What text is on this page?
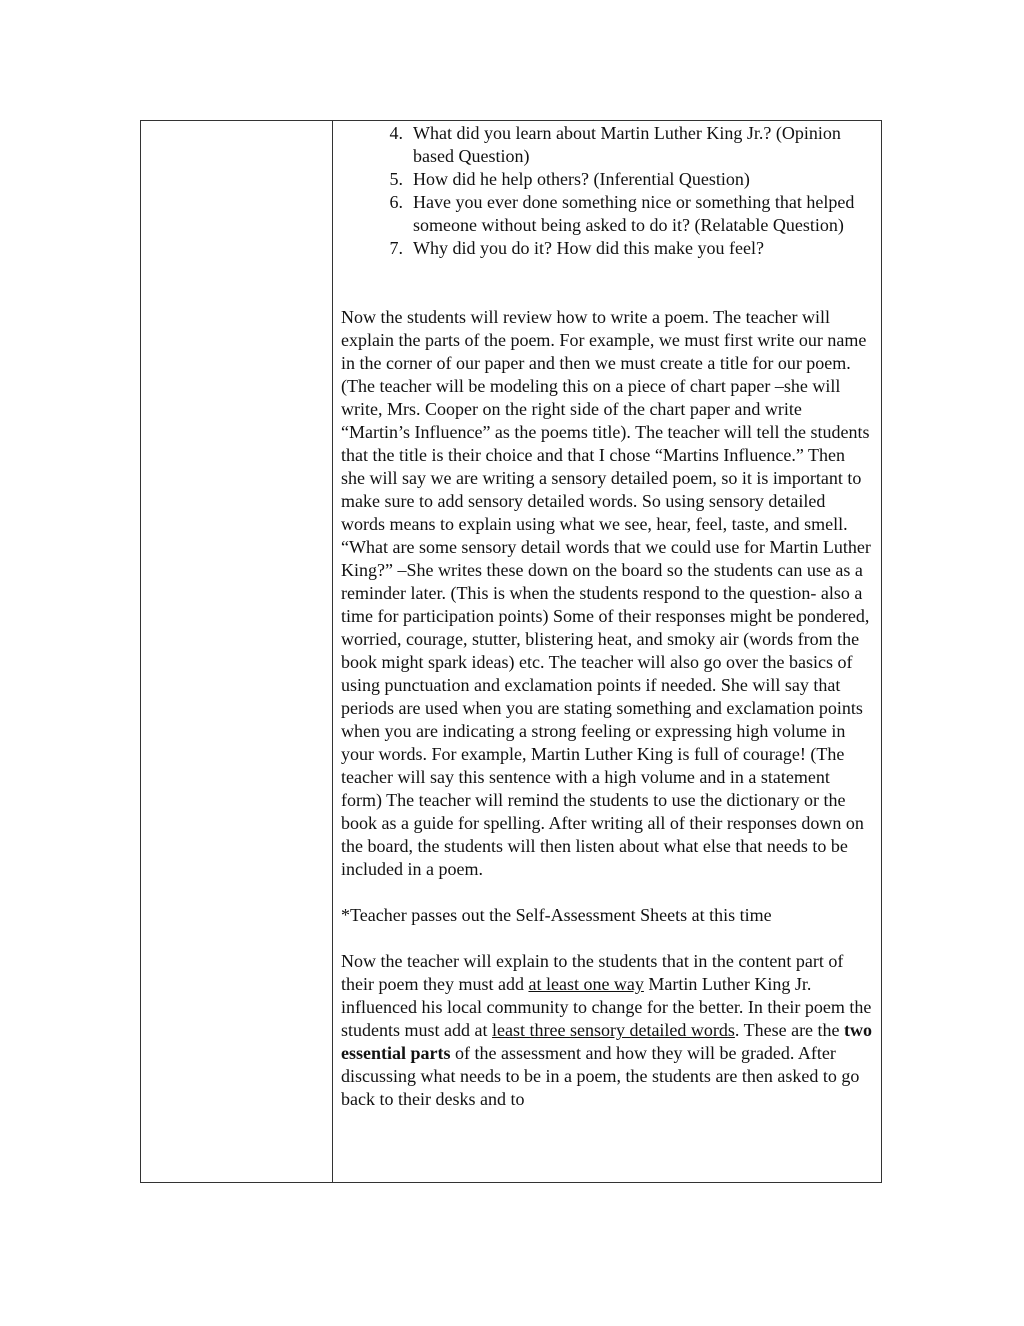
4. What did you learn about Martin Luther King Jr.? (Opinion based Question)
5. How did he help others? (Inferential Question)
6. Have you ever done something nice or something that helped someone without being asked to do it? (Relatable Question)
7. Why did you do it? How did this make you feel?

Now the students will review how to write a poem. The teacher will explain the parts of the poem. For example, we must first write our name in the corner of our paper and then we must create a title for our poem. (The teacher will be modeling this on a piece of chart paper –she will write, Mrs. Cooper on the right side of the chart paper and write “Martin’s Influence” as the poems title). The teacher will tell the students that the title is their choice and that I chose “Martins Influence.” Then she will say we are writing a sensory detailed poem, so it is important to make sure to add sensory detailed words. So using sensory detailed words means to explain using what we see, hear, feel, taste, and smell. “What are some sensory detail words that we could use for Martin Luther King?” –She writes these down on the board so the students can use as a reminder later. (This is when the students respond to the question- also a time for participation points) Some of their responses might be pondered, worried, courage, stutter, blistering heat, and smoky air (words from the book might spark ideas) etc. The teacher will also go over the basics of using punctuation and exclamation points if needed. She will say that periods are used when you are stating something and exclamation points when you are indicating a strong feeling or expressing high volume in your words. For example, Martin Luther King is full of courage! (The teacher will say this sentence with a high volume and in a statement form) The teacher will remind the students to use the dictionary or the book as a guide for spelling. After writing all of their responses down on the board, the students will then listen about what else that needs to be included in a poem.

*Teacher passes out the Self-Assessment Sheets at this time

Now the teacher will explain to the students that in the content part of their poem they must add at least one way Martin Luther King Jr. influenced his local community to change for the better. In their poem the students must add at least three sensory detailed words. These are the two essential parts of the assessment and how they will be graded. After discussing what needs to be in a poem, the students are then asked to go back to their desks and to
